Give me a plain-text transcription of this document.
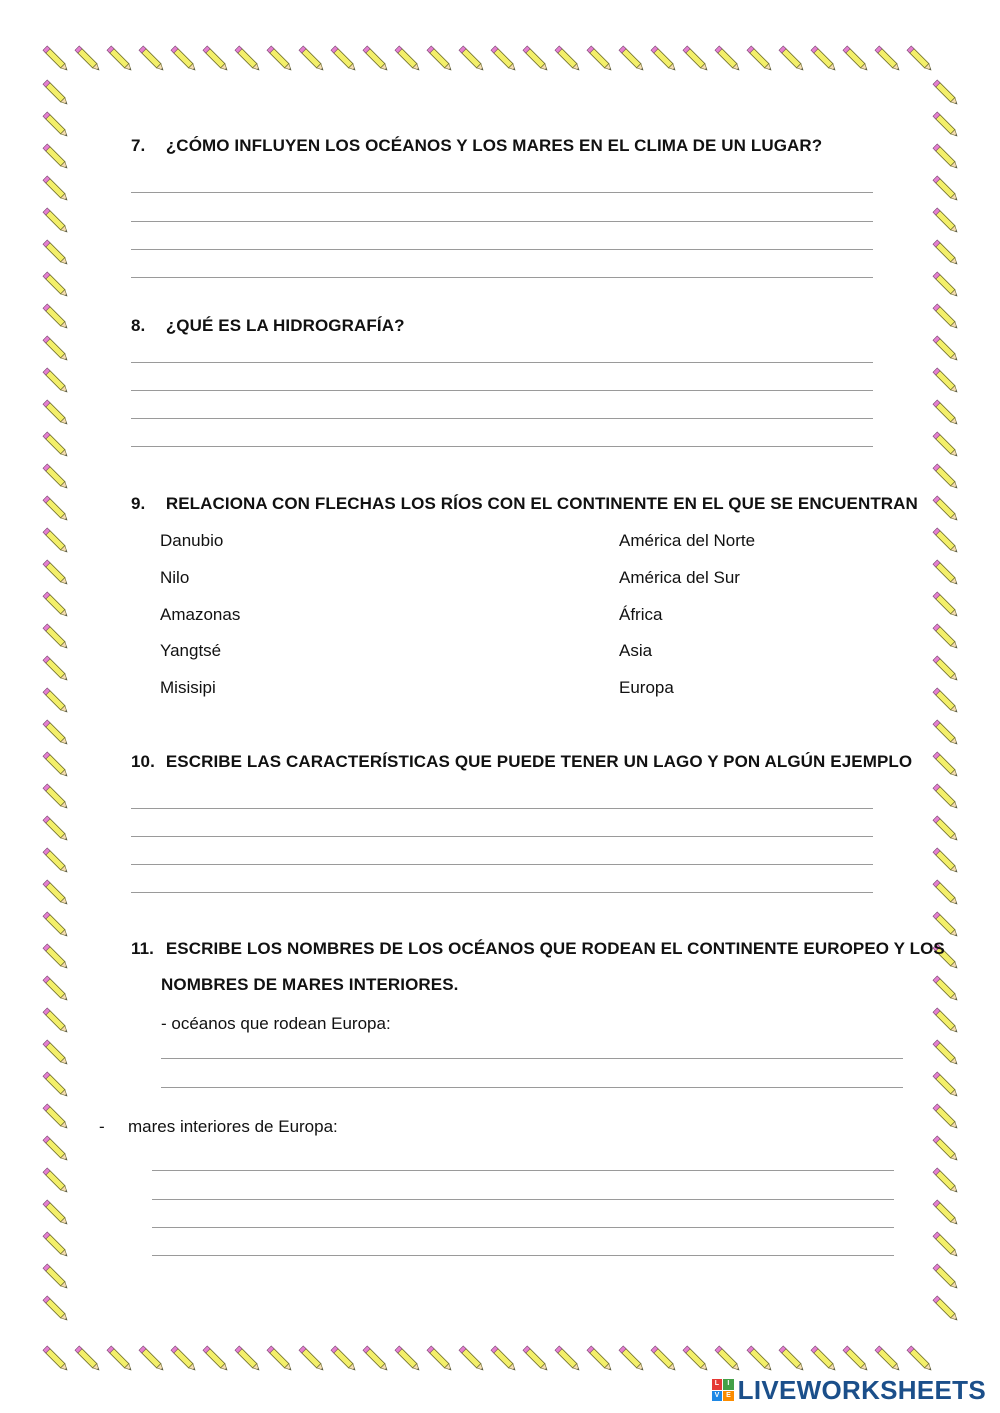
7. ¿CÓMO INFLUYEN LOS OCÉANOS Y LOS MARES EN EL CLIMA DE UN LUGAR?
8. ¿QUÉ ES LA HIDROGRAFÍA?
9. RELACIONA CON FLECHAS LOS RÍOS CON EL CONTINENTE EN EL QUE SE ENCUENTRAN
Danubio
Nilo
Amazonas
Yangtsé
Misisipi
América del Norte
América del Sur
África
Asia
Europa
10. ESCRIBE LAS CARACTERÍSTICAS QUE PUEDE TENER UN LAGO Y PON ALGÚN EJEMPLO
11. ESCRIBE LOS NOMBRES DE LOS OCÉANOS QUE RODEAN EL CONTINENTE EUROPEO Y LOS
NOMBRES DE MARES INTERIORES.
- océanos que rodean Europa:
- mares interiores de Europa:
L	I
V E LIVEWORKSHEETS
